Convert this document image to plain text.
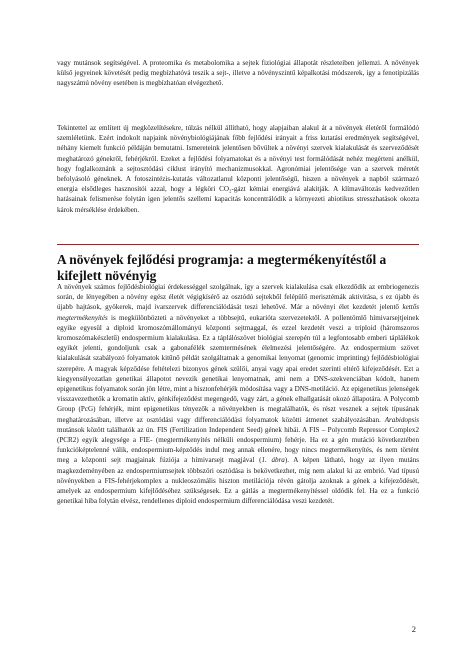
vagy mutánsok segítségével. A proteomika és metabolomika a sejtek fiziológiai állapotát részleteiben jellemzi. A növények külső jegyeinek követését pedig megbízhatóvá teszik a sejt-, illetve a növényszintű képalkotási módszerek, így a fenotipizálás nagyszámú növény esetében is megbízhatóan elvégezhető.

Tekintettel az említett új megközelítésekre, túlzás nélkül állítható, hogy alapjaiban alakul át a növények életéről formálódó szemléletünk. Ezért indokolt napjaink növénybiológiájának főbb fejlődési irányait a friss kutatási eredmények segítségével, néhány kiemelt funkció példáján bemutatni. Ismereteink jelentősen bővültek a növényi szervek kialakulását és szerveződését meghatározó génekről, fehérjékről. Ezeket a fejlődési folyamatokat és a növényi test formálódását nehéz megérteni anélkül, hogy foglalkoznánk a sejtosztódási ciklust irányító mechanizmusokkal. Agronómiai jelentősége van a szervek méretét befolyásoló géneknek. A fotoszintézis-kutatás változatlanul központi jelentőségű, hiszen a növények a napból származó energia elsődleges hasznosítói azzal, hogy a légköri CO₂-gázt kémiai energiává alakítják. A klímaváltozás kedvezőtlen hatásainak felismerése folytán igen jelentős szellemi kapacitás koncentrálódik a környezeti abiotikus stresszhatások okozta károk mérséklése érdekében.

A növények fejlődési programja: a megtermékenyítéstől a kifejlett növényig

A növények számos fejlődésbiológiai érdekességgel szolgálnak, így a szervek kialakulása csak elkezdődik az embriogenezis során, de lényegében a növény egész életét végigkísérő az osztódó sejtekből felépülő merisztémák aktivitása, s ez újabb és újabb hajtások, gyökerek, majd ivarszervek differenciálódását teszi lehetővé. Már a növényi élet kezdetét jelentő kettős megtermékenyítés is megkülönbözteti a növényeket a többsejtű, eukarióta szervezetektől. A pollentömlő hímivarsejtjeinek egyike egyesül a diploid kromoszómállományú központi sejtmaggal, és ezzel kezdetét veszi a triploid (háromszoros kromoszómakészletű) endospermium kialakulása. Ez a táplálószövet biológiai szerepén túl a legfontosabb emberi táplálékok egyikét jelenti, gondoljunk csak a gabonafélék szemtermésének élelmezési jelentőségére. Az endospermium szövet kialakulását szabályozó folyamatok kitűnő példát szolgáltatnak a genomikai lenyomat (genomic imprinting) fejlődésbiológiai szerepére. A magyak képződése feltételezi bizonyos gének szülői, anyai vagy apai eredet szerinti eltérő kifejeződését. Ezt a kiegyensúlyozatlan genetikai állapotot nevezik genetikai lenyomatnak, ami nem a DNS-szekvenciában kódolt, hanem epigenetikus folyamatok során jön létre, mint a hisztonfehérjék módosítása vagy a DNS-metiláció. Az epigenetikus jelenségek visszavezethetők a kromatin aktív, génkifejeződést megengedő, vagy zárt, a gének elhallgatását okozó állapotára. A Polycomb Group (PcG) fehérjék, mint epigenetikus tényezők a növényekben is megtalálhatók, és részt vesznek a sejtek típusának meghatározásában, illetve az osztódási vagy differenciálódási folyamatok közötti átmenet szabályozásában. Arabidopsis mutánsok között találhatók az ún. FIS (Fertilization Independent Seed) gének hibái. A FIS – Polycomb Repressor Complex2 (PCR2) egyik alegysége a FIE- (megtermékenyítés nélküli endospermium) fehérje. Ha ez a gén mutáció következtében funkcióképtelenné válik, endospermium-képződés indul meg annak ellenére, hogy nincs megtermékenyítés, és nem történt meg a központi sejt magjainak fúziója a hímivarsejt magjával (1. ábra). A képen látható, hogy az ilyen mutáns magkezdeményében az endospermiumsejtek többszöri osztódása is bekövetkezhet, míg nem alakul ki az embrió. Vad típusú növényekben a FIS-fehérjekomplex a nukleoszómális hiszton metilációja révén gátolja azoknak a gének a kifejeződését, amelyek az endospermium kifejlődéséhez szükségesek. Ez a gátlás a megtermékenyítéssel oldódik fel. Ha ez a funkció genetikai hiba folytán elvész, rendellenes diploid endospermium differenciálódása veszi kezdetét.

2
